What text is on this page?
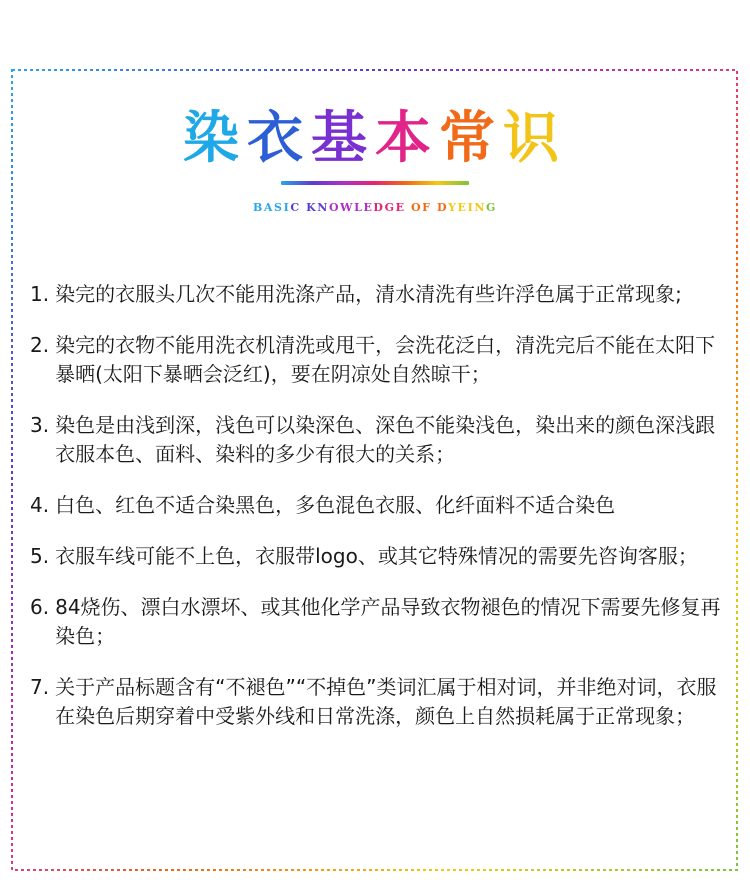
染衣基本常识
BASIC KNOWLEDGE OF DYEING
1. 染完的衣服头几次不能用洗涤产品，清水清洗有些许浮色属于正常现象;
2. 染完的衣物不能用洗衣机清洗或甩干，会洗花泛白，清洗完后不能在太阳下暴晒(太阳下暴晒会泛红)，要在阴凉处自然晾干；
3. 染色是由浅到深，浅色可以染深色、深色不能染浅色，染出来的颜色深浅跟衣服本色、面料、染料的多少有很大的关系；
4. 白色、红色不适合染黑色，多色混色衣服、化纤面料不适合染色
5. 衣服车线可能不上色，衣服带logo、或其它特殊情况的需要先咨询客服；
6. 84烧伤、漂白水漂坏、或其他化学产品导致衣物褪色的情况下需要先修复再染色；
7. 关于产品标题含有“不褪色”“不掉色”类词汇属于相对词，并非绝对词，衣服在染色后期穿着中受紫外线和日常洗涤，颜色上自然损耗属于正常现象；
